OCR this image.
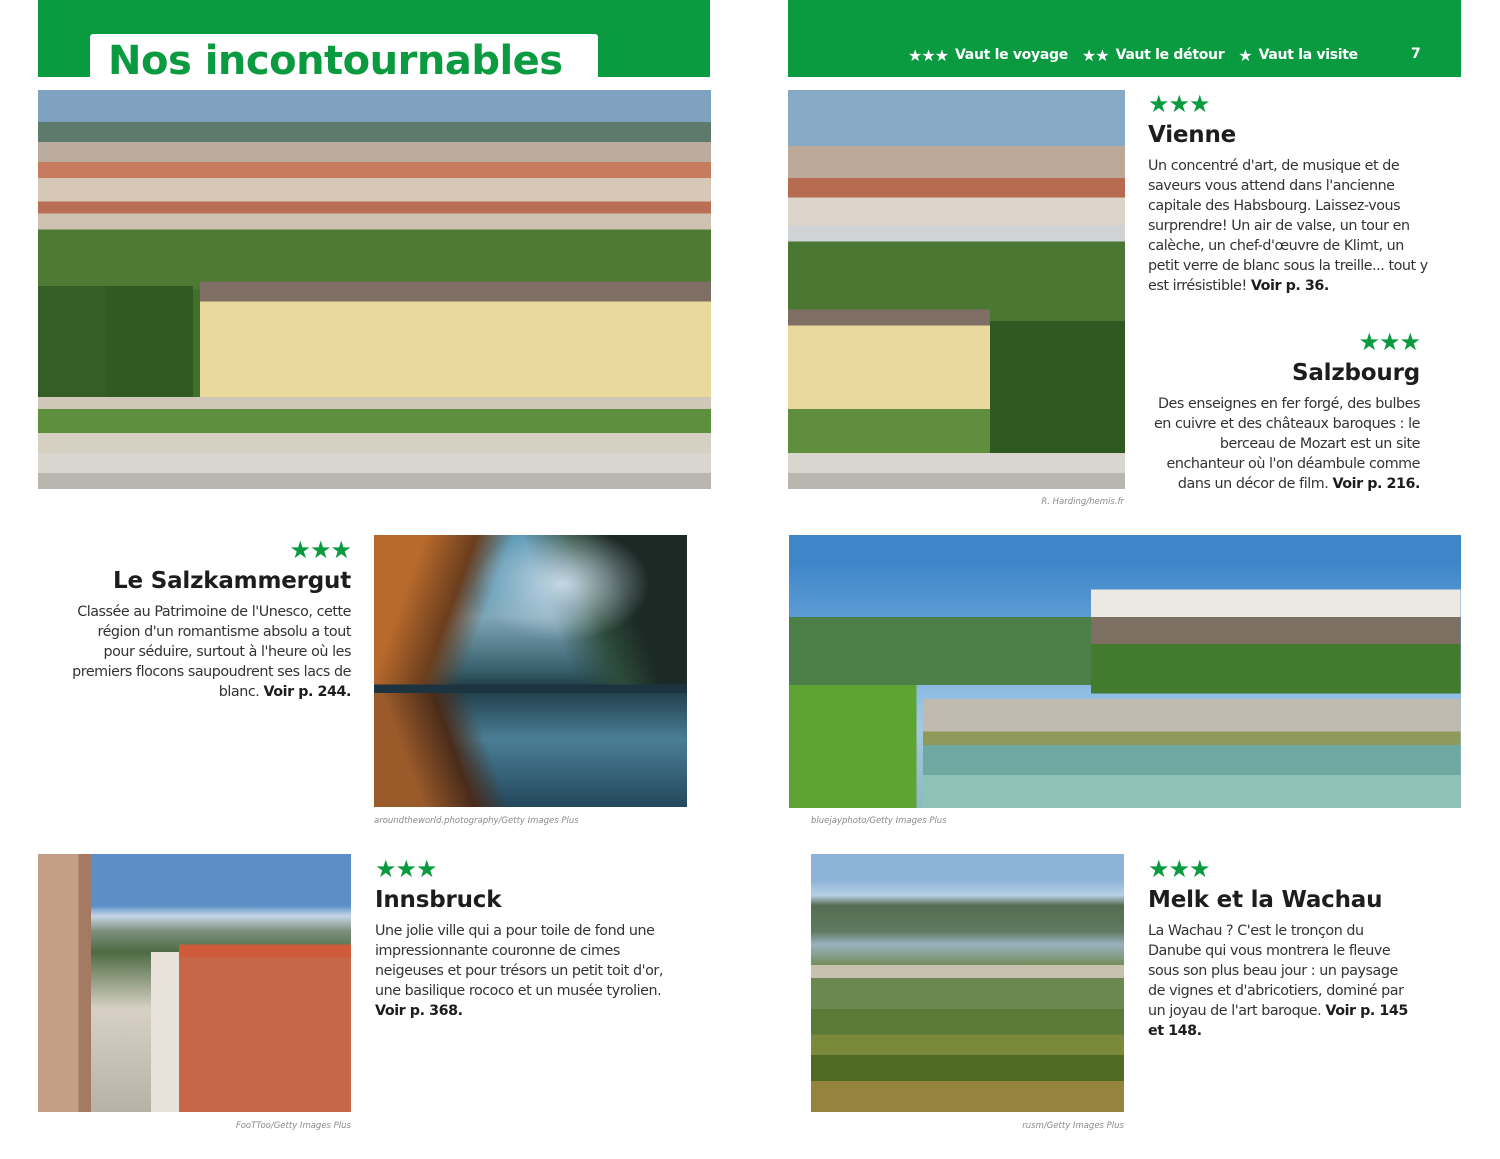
Nos incontournables	★★★ Vaut le voyage ★★ Vaut le détour ★ Vaut la visite	7
R. Harding/hemis.fr
★★★
Vienne

Un concentré d'art, de musique et de saveurs vous attend dans l'ancienne capitale des Habsbourg. Laissez-vous surprendre! Un air de valse, un tour en calèche, un chef-d'œuvre de Klimt, un petit verre de blanc sous la treille... tout y est irrésistible! Voir p. 36.

★★★
Salzbourg

Des enseignes en fer forgé, des bulbes en cuivre et des châteaux baroques : le berceau de Mozart est un site enchanteur où l'on déambule comme dans un décor de film. Voir p. 216.

★★★
Le Salzkammergut

Classée au Patrimoine de l'Unesco, cette région d'un romantisme absolu a tout pour séduire, surtout à l'heure où les premiers flocons saupoudrent ses lacs de blanc. Voir p. 244.

aroundtheworld.photography/Getty Images Plus	bluejayphoto/Getty Images Plus
FooTToo/Getty Images Plus
★★★
Innsbruck

Une jolie ville qui a pour toile de fond une impressionnante couronne de cimes neigeuses et pour trésors un petit toit d'or, une basilique rococo et un musée tyrolien. Voir p. 368.

rusm/Getty Images Plus
★★★
Melk et la Wachau

La Wachau ? C'est le tronçon du Danube qui vous montrera le fleuve sous son plus beau jour : un paysage de vignes et d'abricotiers, dominé par un joyau de l'art baroque. Voir p. 145 et 148.
